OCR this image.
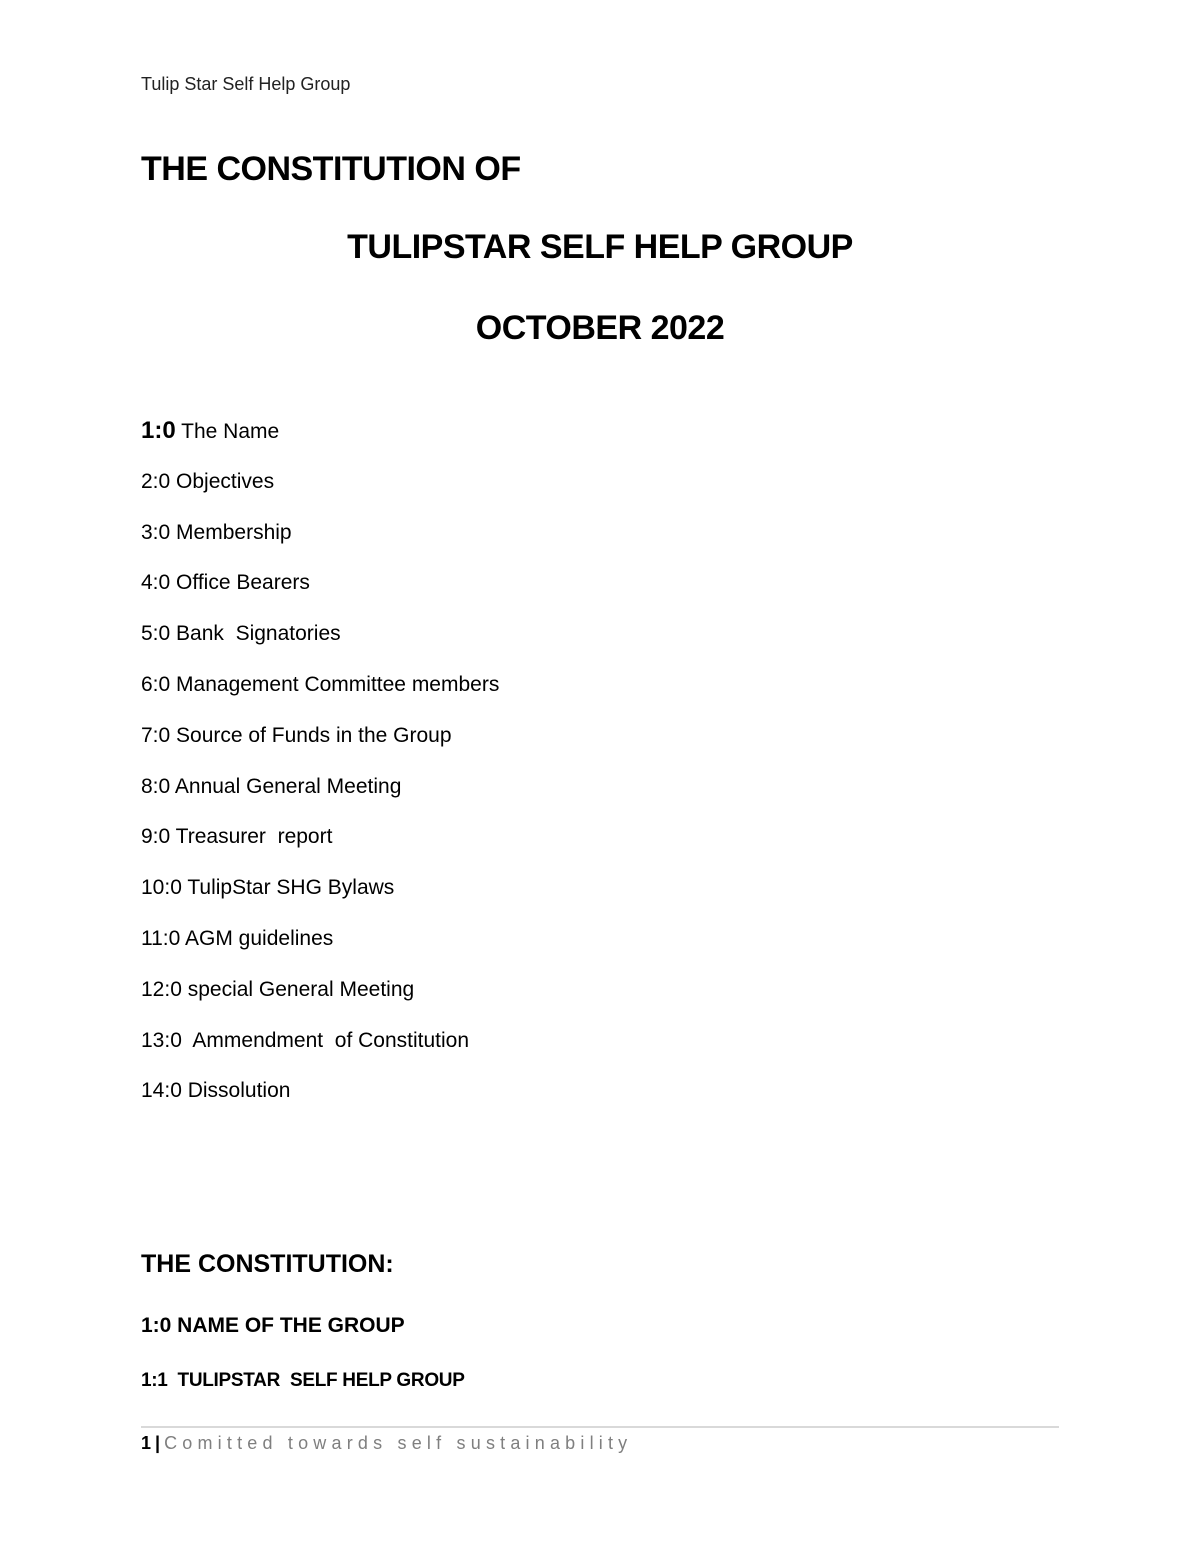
Tulip Star Self Help Group
THE CONSTITUTION OF
TULIPSTAR SELF HELP GROUP
OCTOBER 2022
1:0 The Name
2:0 Objectives
3:0 Membership
4:0 Office Bearers
5:0 Bank  Signatories
6:0 Management Committee members
7:0 Source of Funds in the Group
8:0 Annual General Meeting
9:0 Treasurer  report
10:0 TulipStar SHG Bylaws
11:0 AGM guidelines
12:0 special General Meeting
13:0  Ammendment  of Constitution
14:0 Dissolution
THE CONSTITUTION:
1:0 NAME OF THE GROUP
1:1  TULIPSTAR  SELF HELP GROUP
1 | Comitted towards self sustainability
